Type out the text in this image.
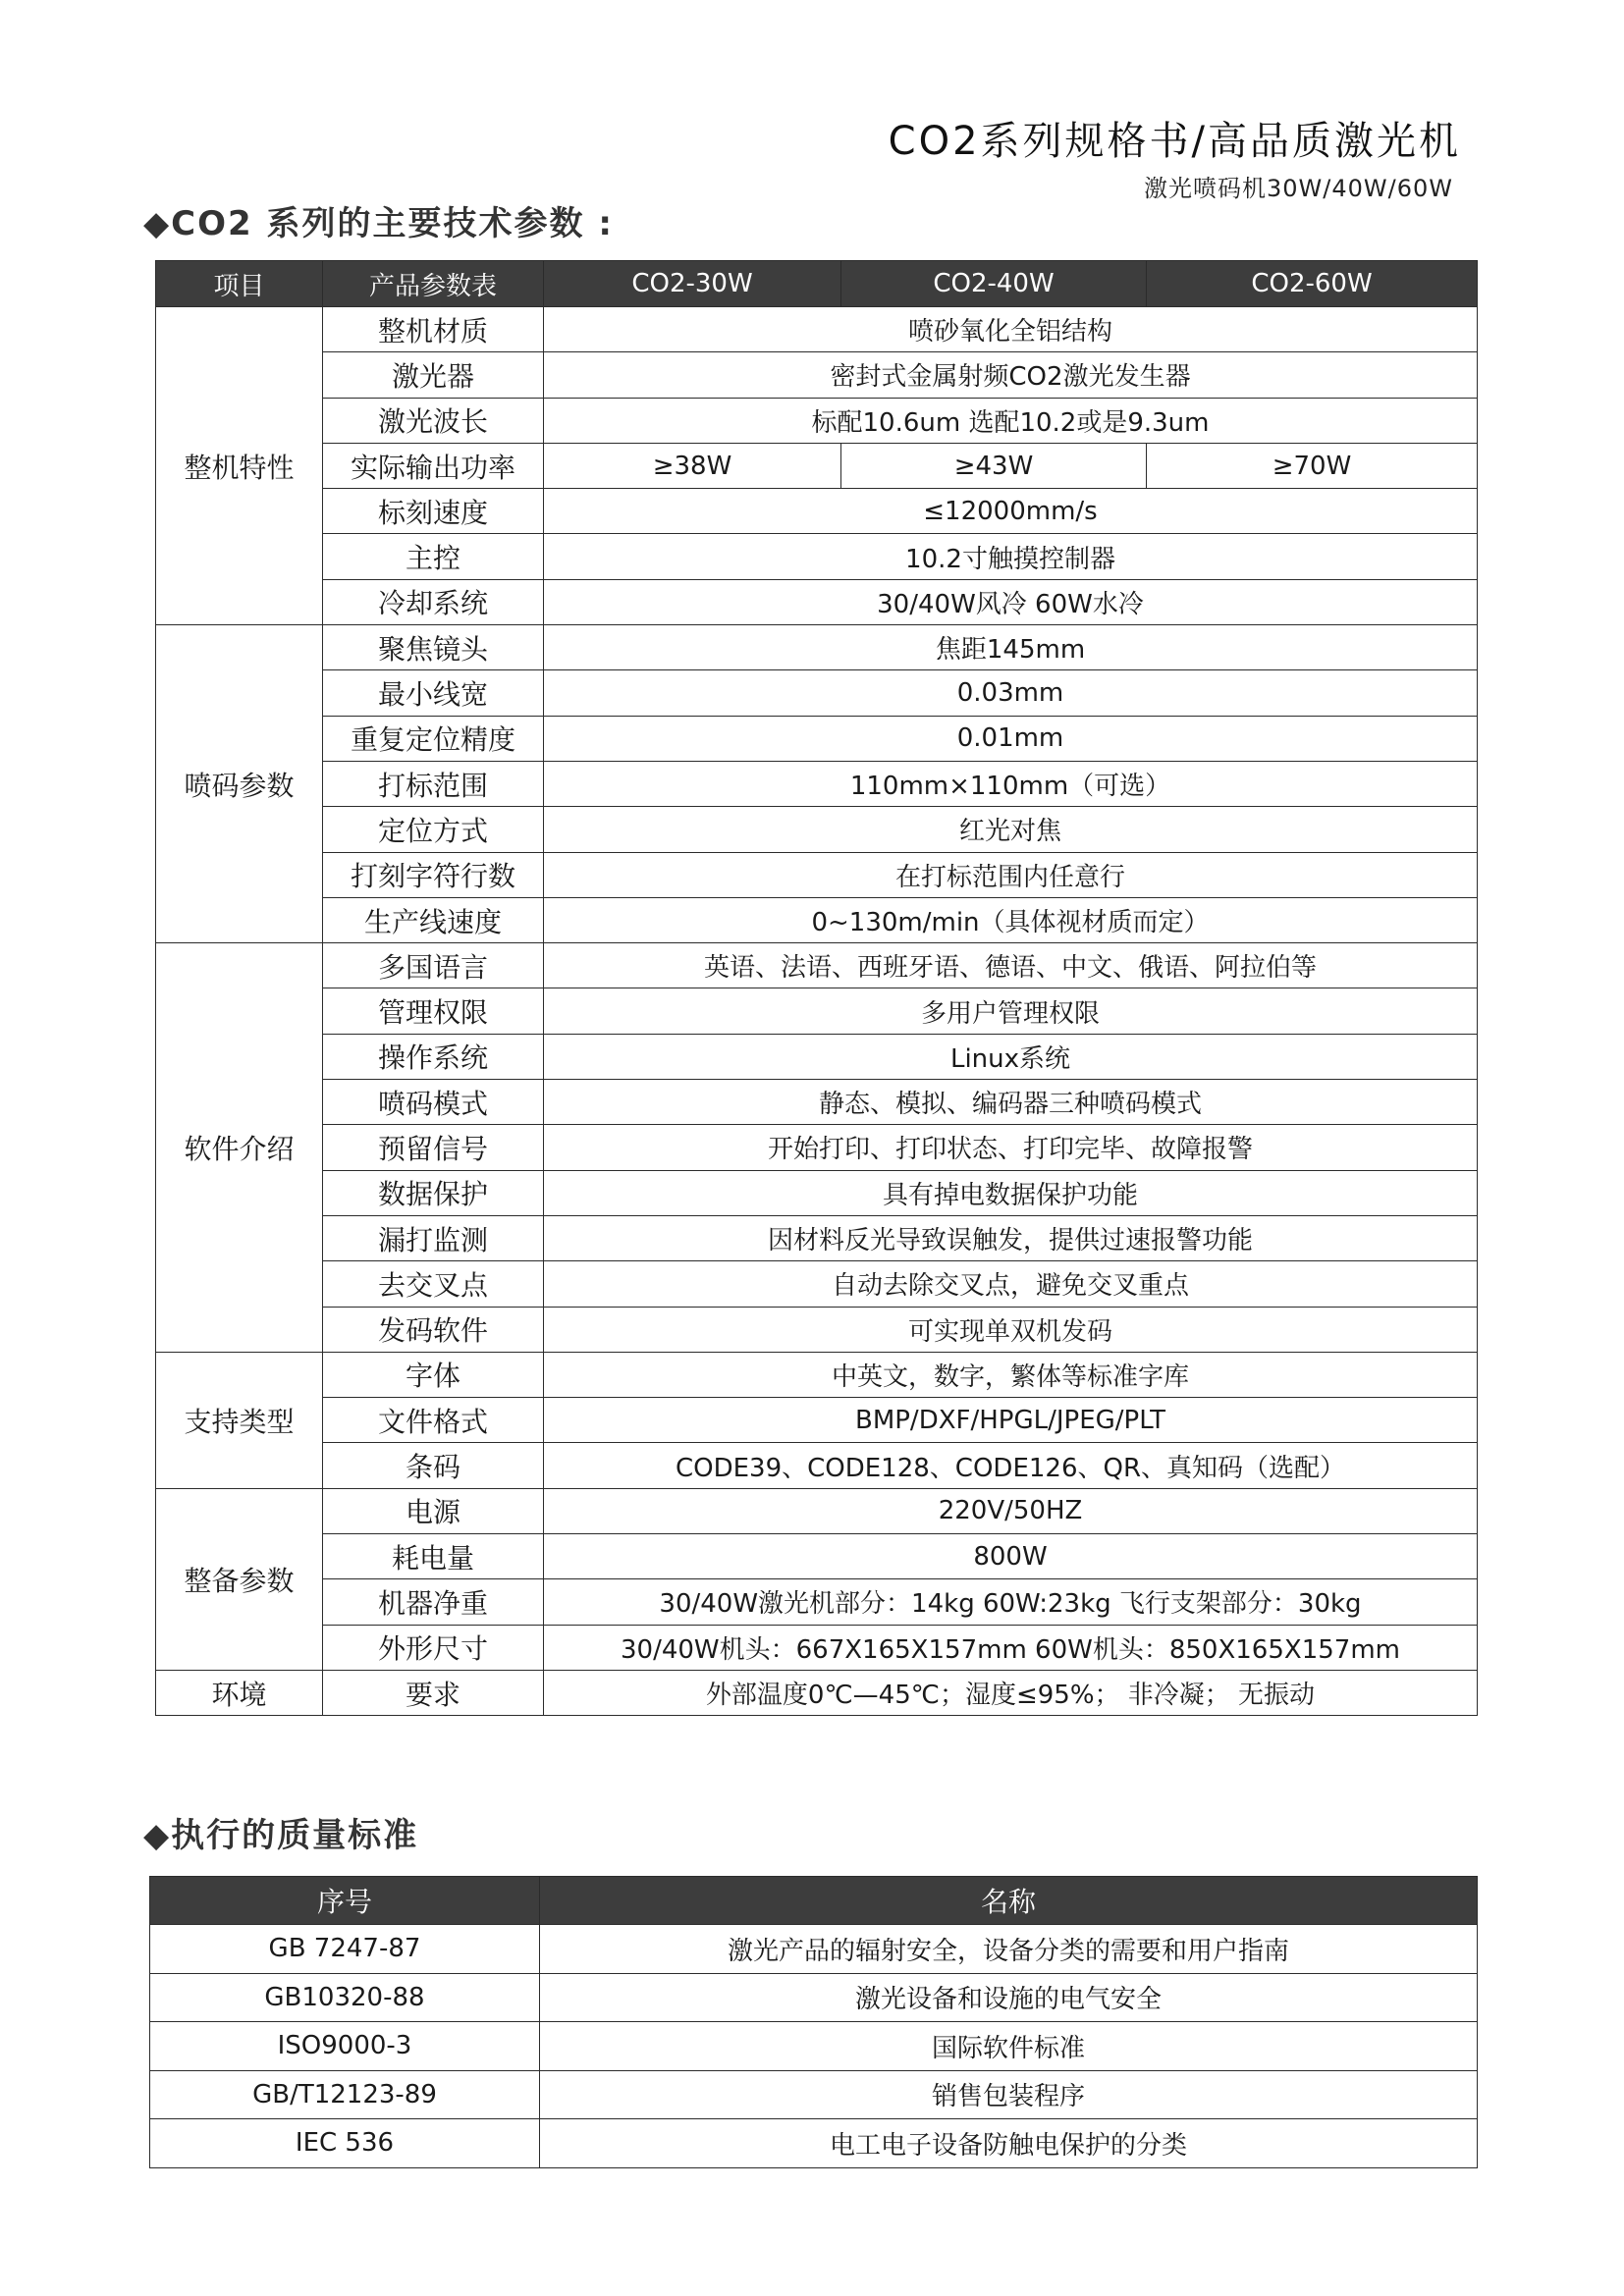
CO2系列规格书/高品质激光机
激光喷码机30W/40W/60W
◆CO2 系列的主要技术参数 :
项目	产品参数表	CO2-30W	CO2-40W	CO2-60W
整机特性	整机材质	喷砂氧化全铝结构		
	激光器	密封式金属射频CO2激光发生器		
	激光波长	标配10.6um 选配10.2或是9.3um		
	实际输出功率	≥38W	≥43W	≥70W
	标刻速度	≤12000mm/s		
	主控	10.2寸触摸控制器		
	冷却系统	30/40W风冷 60W水冷		
喷码参数	聚焦镜头	焦距145mm		
	最小线宽	0.03mm		
	重复定位精度	0.01mm		
	打标范围	110mm×110mm（可选）		
	定位方式	红光对焦		
	打刻字符行数	在打标范围内任意行		
	生产线速度	0~130m/min（具体视材质而定）		
软件介绍	多国语言	英语、法语、西班牙语、德语、中文、俄语、阿拉伯等		
	管理权限	多用户管理权限		
	操作系统	Linux系统		
	喷码模式	静态、模拟、编码器三种喷码模式		
	预留信号	开始打印、打印状态、打印完毕、故障报警		
	数据保护	具有掉电数据保护功能		
	漏打监测	因材料反光导致误触发，提供过速报警功能		
	去交叉点	自动去除交叉点，避免交叉重点		
	发码软件	可实现单双机发码		
支持类型	字体	中英文，数字，繁体等标准字库		
	文件格式	BMP/DXF/HPGL/JPEG/PLT		
	条码	CODE39、CODE128、CODE126、QR、真知码（选配）		
整备参数	电源	220V/50HZ		
	耗电量	800W		
	机器净重	30/40W激光机部分：14kg 60W:23kg 飞行支架部分：30kg		
	外形尺寸	30/40W机头：667X165X157mm 60W机头：850X165X157mm		
环境	要求	外部温度0℃—45℃；湿度≤95%； 非冷凝； 无振动		
◆执行的质量标准
序号	名称
GB 7247-87	激光产品的辐射安全，设备分类的需要和用户指南
GB10320-88	激光设备和设施的电气安全
ISO9000-3	国际软件标准
GB/T12123-89	销售包装程序
IEC 536	电工电子设备防触电保护的分类
